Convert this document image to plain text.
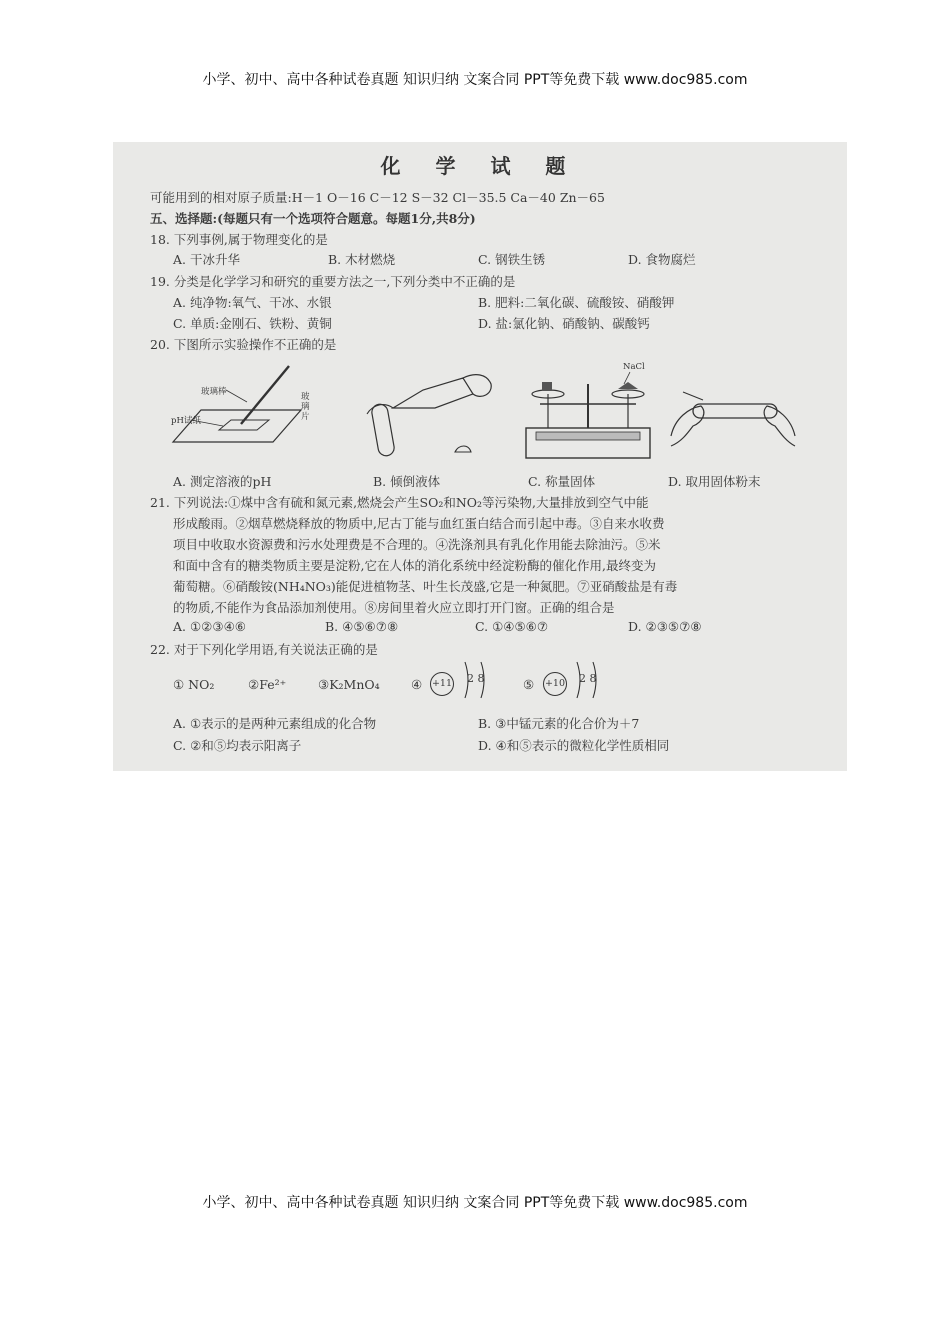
小学、初中、高中各种试卷真题 知识归纳 文案合同 PPT等免费下载 www.doc985.com
化 学 试 题
可能用到的相对原子质量:H－1 O－16 C－12 S－32 Cl－35.5 Ca－40 Zn－65
五、选择题:(每题只有一个选项符合题意。每题1分,共8分)
18. 下列事例,属于物理变化的是
A. 干冰升华	B. 木材燃烧	C. 钢铁生锈	D. 食物腐烂
19. 分类是化学学习和研究的重要方法之一,下列分类中不正确的是
A. 纯净物:氧气、干冰、水银	B. 肥料:二氧化碳、硫酸铵、硝酸钾
C. 单质:金刚石、铁粉、黄铜	D. 盐:氯化钠、硝酸钠、碳酸钙
20. 下图所示实验操作不正确的是
玻璃棒
pH试纸
玻璃片
NaCl
A. 测定溶液的pH	B. 倾倒液体	C. 称量固体	D. 取用固体粉末
21. 下列说法:①煤中含有硫和氮元素,燃烧会产生SO₂和NO₂等污染物,大量排放到空气中能
形成酸雨。②烟草燃烧释放的物质中,尼古丁能与血红蛋白结合而引起中毒。③自来水收费
项目中收取水资源费和污水处理费是不合理的。④洗涤剂具有乳化作用能去除油污。⑤米
和面中含有的糖类物质主要是淀粉,它在人体的消化系统中经淀粉酶的催化作用,最终变为
葡萄糖。⑥硝酸铵(NH₄NO₃)能促进植物茎、叶生长茂盛,它是一种氮肥。⑦亚硝酸盐是有毒
的物质,不能作为食品添加剂使用。⑧房间里着火应立即打开门窗。正确的组合是
A. ①②③④⑥	B. ④⑤⑥⑦⑧	C. ①④⑤⑥⑦	D. ②③⑤⑦⑧
22. 对于下列化学用语,有关说法正确的是
① NO₂	②Fe²⁺	③K₂MnO₄	④ +11 2 8	⑤ +10 2 8
A. ①表示的是两种元素组成的化合物	B. ③中锰元素的化合价为＋7
C. ②和⑤均表示阳离子	D. ④和⑤表示的微粒化学性质相同
小学、初中、高中各种试卷真题 知识归纳 文案合同 PPT等免费下载 www.doc985.com
